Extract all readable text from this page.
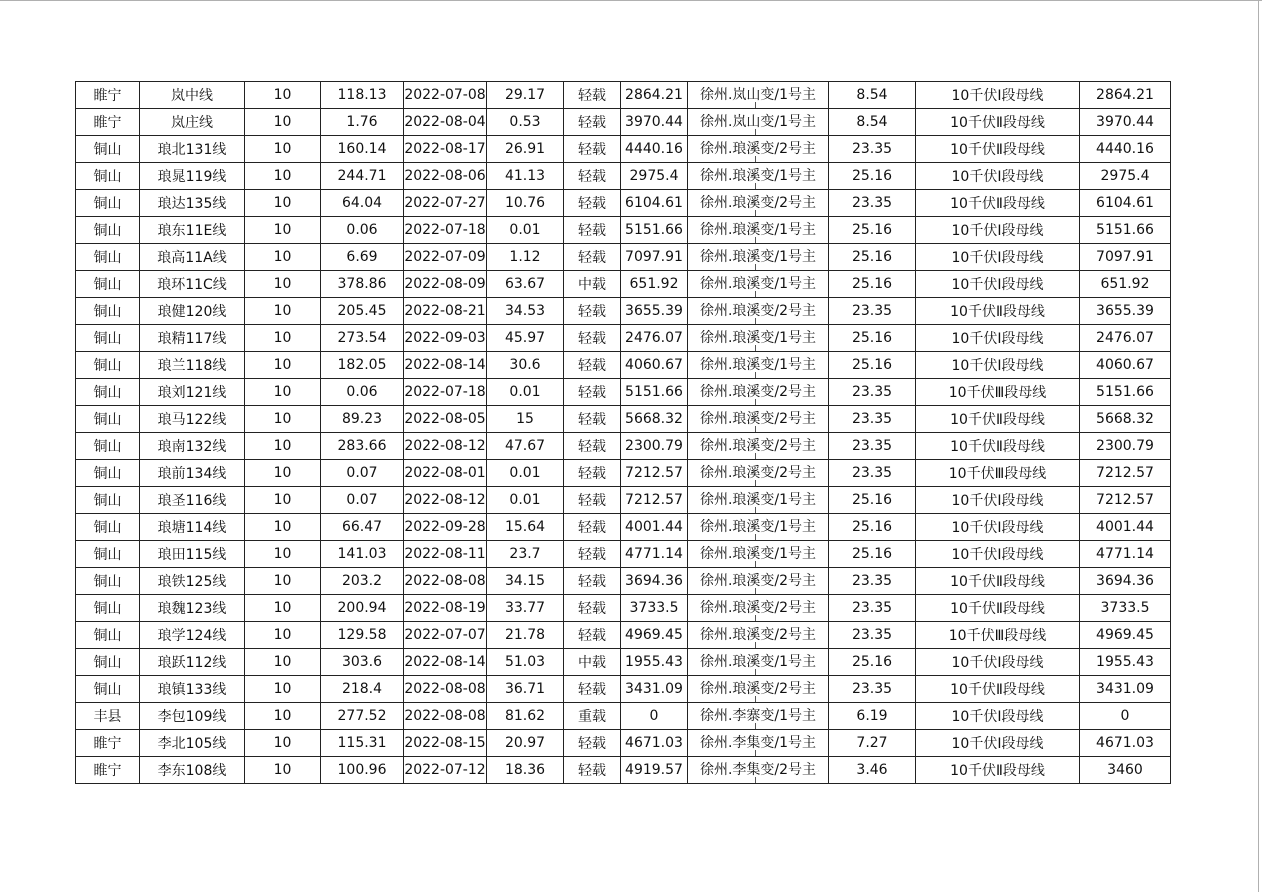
睢宁	岚中线	10	118.13	2022-07-08	29.17	轻载	2864.21	徐州.岚山变/1号主	8.54	10千伏Ⅰ段母线	2864.21
睢宁	岚庄线	10	1.76	2022-08-04	0.53	轻载	3970.44	徐州.岚山变/1号主	8.54	10千伏Ⅱ段母线	3970.44
铜山	琅北131线	10	160.14	2022-08-17	26.91	轻载	4440.16	徐州.琅溪变/2号主	23.35	10千伏Ⅱ段母线	4440.16
铜山	琅晁119线	10	244.71	2022-08-06	41.13	轻载	2975.4	徐州.琅溪变/1号主	25.16	10千伏Ⅰ段母线	2975.4
铜山	琅达135线	10	64.04	2022-07-27	10.76	轻载	6104.61	徐州.琅溪变/2号主	23.35	10千伏Ⅱ段母线	6104.61
铜山	琅东11E线	10	0.06	2022-07-18	0.01	轻载	5151.66	徐州.琅溪变/1号主	25.16	10千伏Ⅰ段母线	5151.66
铜山	琅高11A线	10	6.69	2022-07-09	1.12	轻载	7097.91	徐州.琅溪变/1号主	25.16	10千伏Ⅰ段母线	7097.91
铜山	琅环11C线	10	378.86	2022-08-09	63.67	中载	651.92	徐州.琅溪变/1号主	25.16	10千伏Ⅰ段母线	651.92
铜山	琅健120线	10	205.45	2022-08-21	34.53	轻载	3655.39	徐州.琅溪变/2号主	23.35	10千伏Ⅱ段母线	3655.39
铜山	琅精117线	10	273.54	2022-09-03	45.97	轻载	2476.07	徐州.琅溪变/1号主	25.16	10千伏Ⅰ段母线	2476.07
铜山	琅兰118线	10	182.05	2022-08-14	30.6	轻载	4060.67	徐州.琅溪变/1号主	25.16	10千伏Ⅰ段母线	4060.67
铜山	琅刘121线	10	0.06	2022-07-18	0.01	轻载	5151.66	徐州.琅溪变/2号主	23.35	10千伏Ⅲ段母线	5151.66
铜山	琅马122线	10	89.23	2022-08-05	15	轻载	5668.32	徐州.琅溪变/2号主	23.35	10千伏Ⅱ段母线	5668.32
铜山	琅南132线	10	283.66	2022-08-12	47.67	轻载	2300.79	徐州.琅溪变/2号主	23.35	10千伏Ⅱ段母线	2300.79
铜山	琅前134线	10	0.07	2022-08-01	0.01	轻载	7212.57	徐州.琅溪变/2号主	23.35	10千伏Ⅲ段母线	7212.57
铜山	琅圣116线	10	0.07	2022-08-12	0.01	轻载	7212.57	徐州.琅溪变/1号主	25.16	10千伏Ⅰ段母线	7212.57
铜山	琅塘114线	10	66.47	2022-09-28	15.64	轻载	4001.44	徐州.琅溪变/1号主	25.16	10千伏Ⅰ段母线	4001.44
铜山	琅田115线	10	141.03	2022-08-11	23.7	轻载	4771.14	徐州.琅溪变/1号主	25.16	10千伏Ⅰ段母线	4771.14
铜山	琅铁125线	10	203.2	2022-08-08	34.15	轻载	3694.36	徐州.琅溪变/2号主	23.35	10千伏Ⅱ段母线	3694.36
铜山	琅魏123线	10	200.94	2022-08-19	33.77	轻载	3733.5	徐州.琅溪变/2号主	23.35	10千伏Ⅱ段母线	3733.5
铜山	琅学124线	10	129.58	2022-07-07	21.78	轻载	4969.45	徐州.琅溪变/2号主	23.35	10千伏Ⅲ段母线	4969.45
铜山	琅跃112线	10	303.6	2022-08-14	51.03	中载	1955.43	徐州.琅溪变/1号主	25.16	10千伏Ⅰ段母线	1955.43
铜山	琅镇133线	10	218.4	2022-08-08	36.71	轻载	3431.09	徐州.琅溪变/2号主	23.35	10千伏Ⅱ段母线	3431.09
丰县	李包109线	10	277.52	2022-08-08	81.62	重载	0	徐州.李寨变/1号主	6.19	10千伏Ⅰ段母线	0
睢宁	李北105线	10	115.31	2022-08-15	20.97	轻载	4671.03	徐州.李集变/1号主	7.27	10千伏Ⅰ段母线	4671.03
睢宁	李东108线	10	100.96	2022-07-12	18.36	轻载	4919.57	徐州.李集变/2号主	3.46	10千伏Ⅱ段母线	3460
